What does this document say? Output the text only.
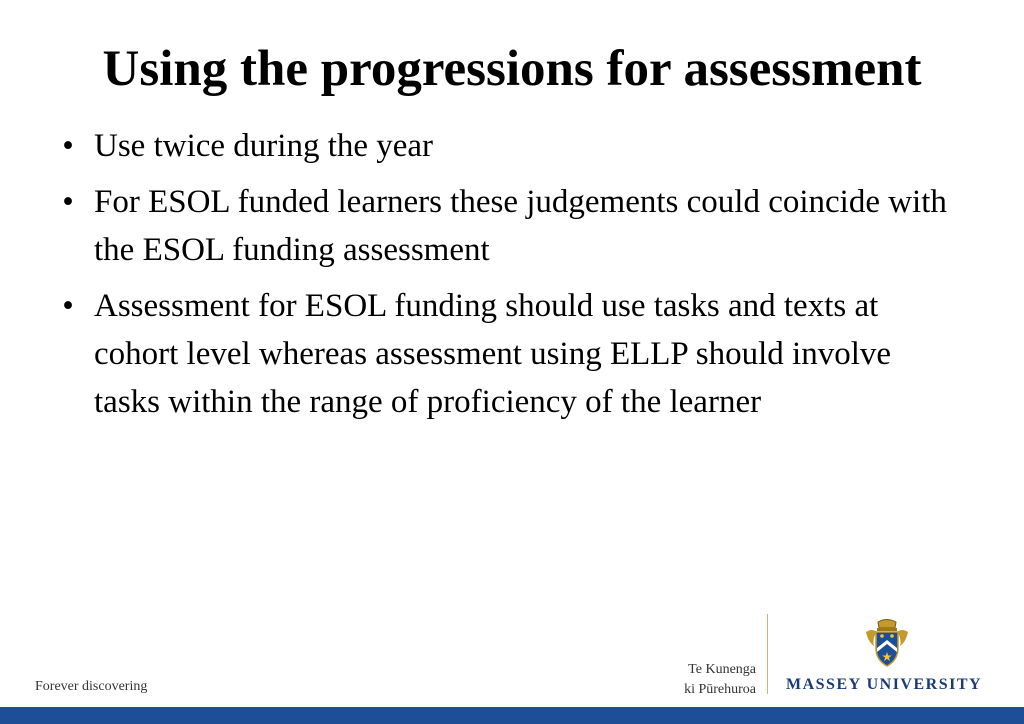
Using the progressions for assessment
• Use twice during the year
• For ESOL funded learners these judgements could coincide with the ESOL funding assessment
• Assessment for ESOL funding should use tasks and texts at cohort level whereas assessment using ELLP should involve tasks within the range of proficiency of the learner
Forever discovering
Te Kunenga
ki Pūrehuroa MASSEY UNIVERSITY
